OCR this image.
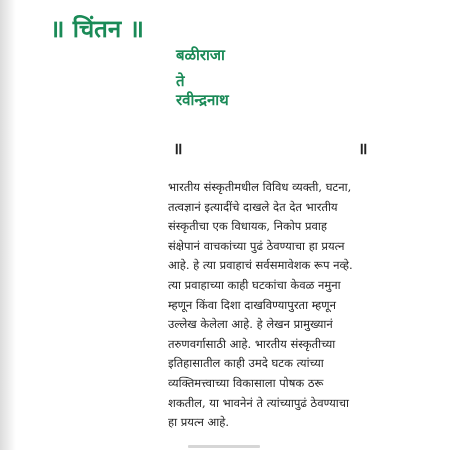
॥ चिंतन ॥
बळीराजा
ते
रवीन्द्रनाथ
॥	॥
भारतीय संस्कृतीमधील विविध व्यक्ती, घटना,
तत्वज्ञानं इत्यादींचे दाखले देत देत भारतीय
संस्कृतीचा एक विधायक, निकोप प्रवाह
संक्षेपानं वाचकांच्या पुढं ठेवण्याचा हा प्रयत्न
आहे. हे त्या प्रवाहाचं सर्वसमावेशक रूप नव्हे.
त्या प्रवाहाच्या काही घटकांचा केवळ नमुना
म्हणून किंवा दिशा दाखविण्यापुरता म्हणून
उल्लेख केलेला आहे. हे लेखन प्रामुख्यानं
तरुणवर्गासाठी आहे. भारतीय संस्कृतीच्या
इतिहासातील काही उमदे घटक त्यांच्या
व्यक्तिमत्त्वाच्या विकासाला पोषक ठरू
शकतील, या भावनेनं ते त्यांच्यापुढं ठेवण्याचा
हा प्रयत्न आहे.
